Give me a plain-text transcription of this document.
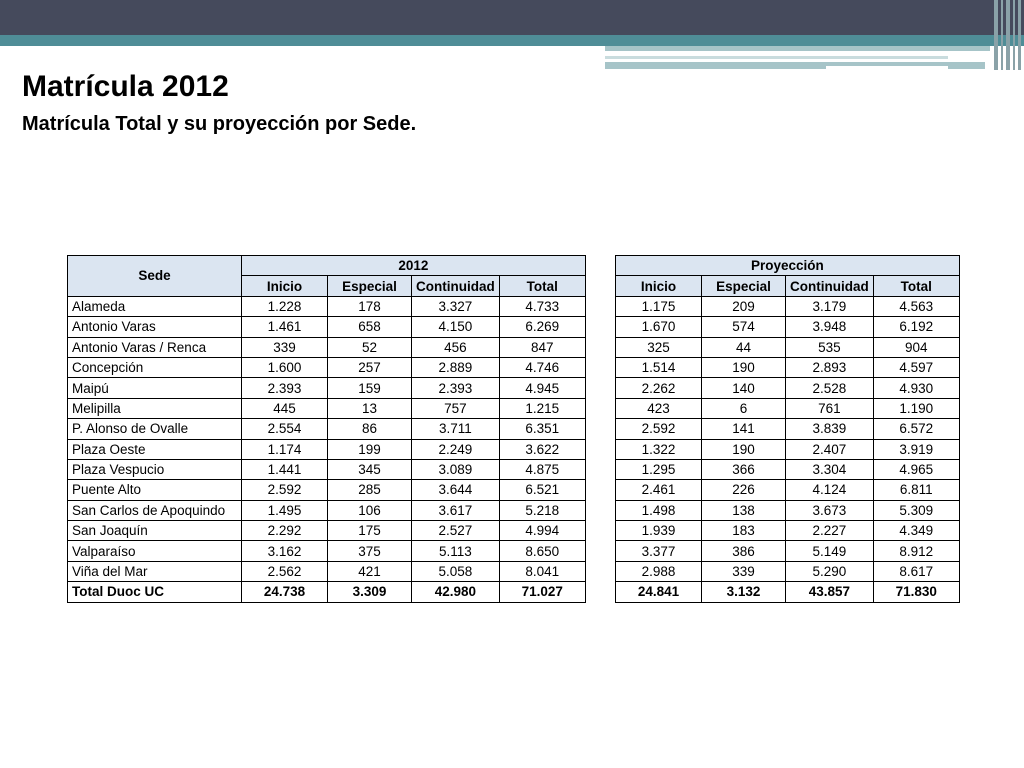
Matrícula 2012
Matrícula Total y su proyección por Sede.
Sede	2012			
	Inicio	Especial	Continuidad	Total
Alameda	1.228	178	3.327	4.733
Antonio Varas	1.461	658	4.150	6.269
Antonio Varas / Renca	339	52	456	847
Concepción	1.600	257	2.889	4.746
Maipú	2.393	159	2.393	4.945
Melipilla	445	13	757	1.215
P. Alonso de Ovalle	2.554	86	3.711	6.351
Plaza Oeste	1.174	199	2.249	3.622
Plaza Vespucio	1.441	345	3.089	4.875
Puente Alto	2.592	285	3.644	6.521
San Carlos de Apoquindo	1.495	106	3.617	5.218
San Joaquín	2.292	175	2.527	4.994
Valparaíso	3.162	375	5.113	8.650
Viña del Mar	2.562	421	5.058	8.041
Total Duoc UC	24.738	3.309	42.980	71.027
Proyección			
Inicio	Especial	Continuidad	Total
1.175	209	3.179	4.563
1.670	574	3.948	6.192
325	44	535	904
1.514	190	2.893	4.597
2.262	140	2.528	4.930
423	6	761	1.190
2.592	141	3.839	6.572
1.322	190	2.407	3.919
1.295	366	3.304	4.965
2.461	226	4.124	6.811
1.498	138	3.673	5.309
1.939	183	2.227	4.349
3.377	386	5.149	8.912
2.988	339	5.290	8.617
24.841	3.132	43.857	71.830
